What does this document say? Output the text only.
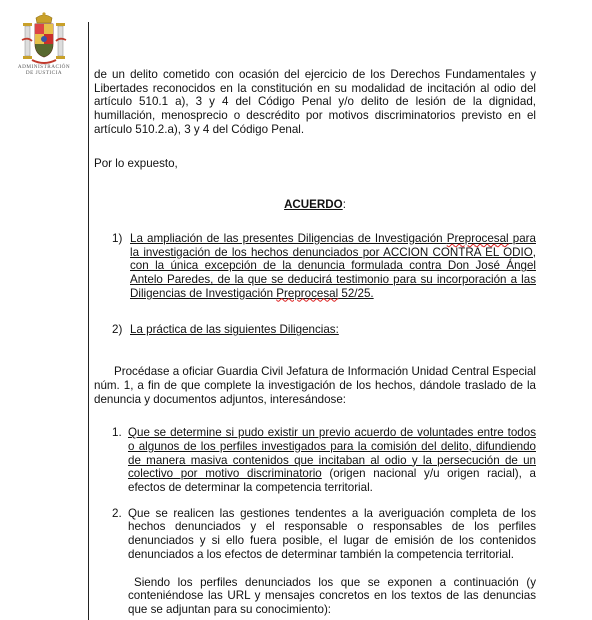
ADMINISTRACIÓN
DE JUSTICIA	de un delito cometido con ocasión del ejercicio de los Derechos Fundamentales y Libertades reconocidos en la constitución en su modalidad de incitación al odio del artículo 510.1 a), 3 y 4 del Código Penal y/o delito de lesión de la dignidad, humillación, menosprecio o descrédito por motivos discriminatorios previsto en el artículo 510.2.a), 3 y 4 del Código Penal.

Por lo expuesto,

ACUERDO:

1) La ampliación de las presentes Diligencias de Investigación Preprocesal para la investigación de los hechos denunciados por ACCION CONTRA EL ODIO, con la única excepción de la denuncia formulada contra Don José Ángel Antelo Paredes, de la que se deducirá testimonio para su incorporación a las Diligencias de Investigación Preprocesal 52/25.

2) La práctica de las siguientes Diligencias:

Procédase a oficiar Guardia Civil Jefatura de Información Unidad Central Especial núm. 1, a fin de que complete la investigación de los hechos, dándole traslado de la denuncia y documentos adjuntos, interesándose:

1. Que se determine si pudo existir un previo acuerdo de voluntades entre todos o algunos de los perfiles investigados para la comisión del delito, difundiendo de manera masiva contenidos que incitaban al odio y la persecución de un colectivo por motivo discriminatorio (origen nacional y/u origen racial), a efectos de determinar la competencia territorial.

2. Que se realicen las gestiones tendentes a la averiguación completa de los hechos denunciados y el responsable o responsables de los perfiles denunciados y si ello fuera posible, el lugar de emisión de los contenidos denunciados a los efectos de determinar también la competencia territorial.

Siendo los perfiles denunciados los que se exponen a continuación (y conteniéndose las URL y mensajes concretos en los textos de las denuncias que se adjuntan para su conocimiento):
